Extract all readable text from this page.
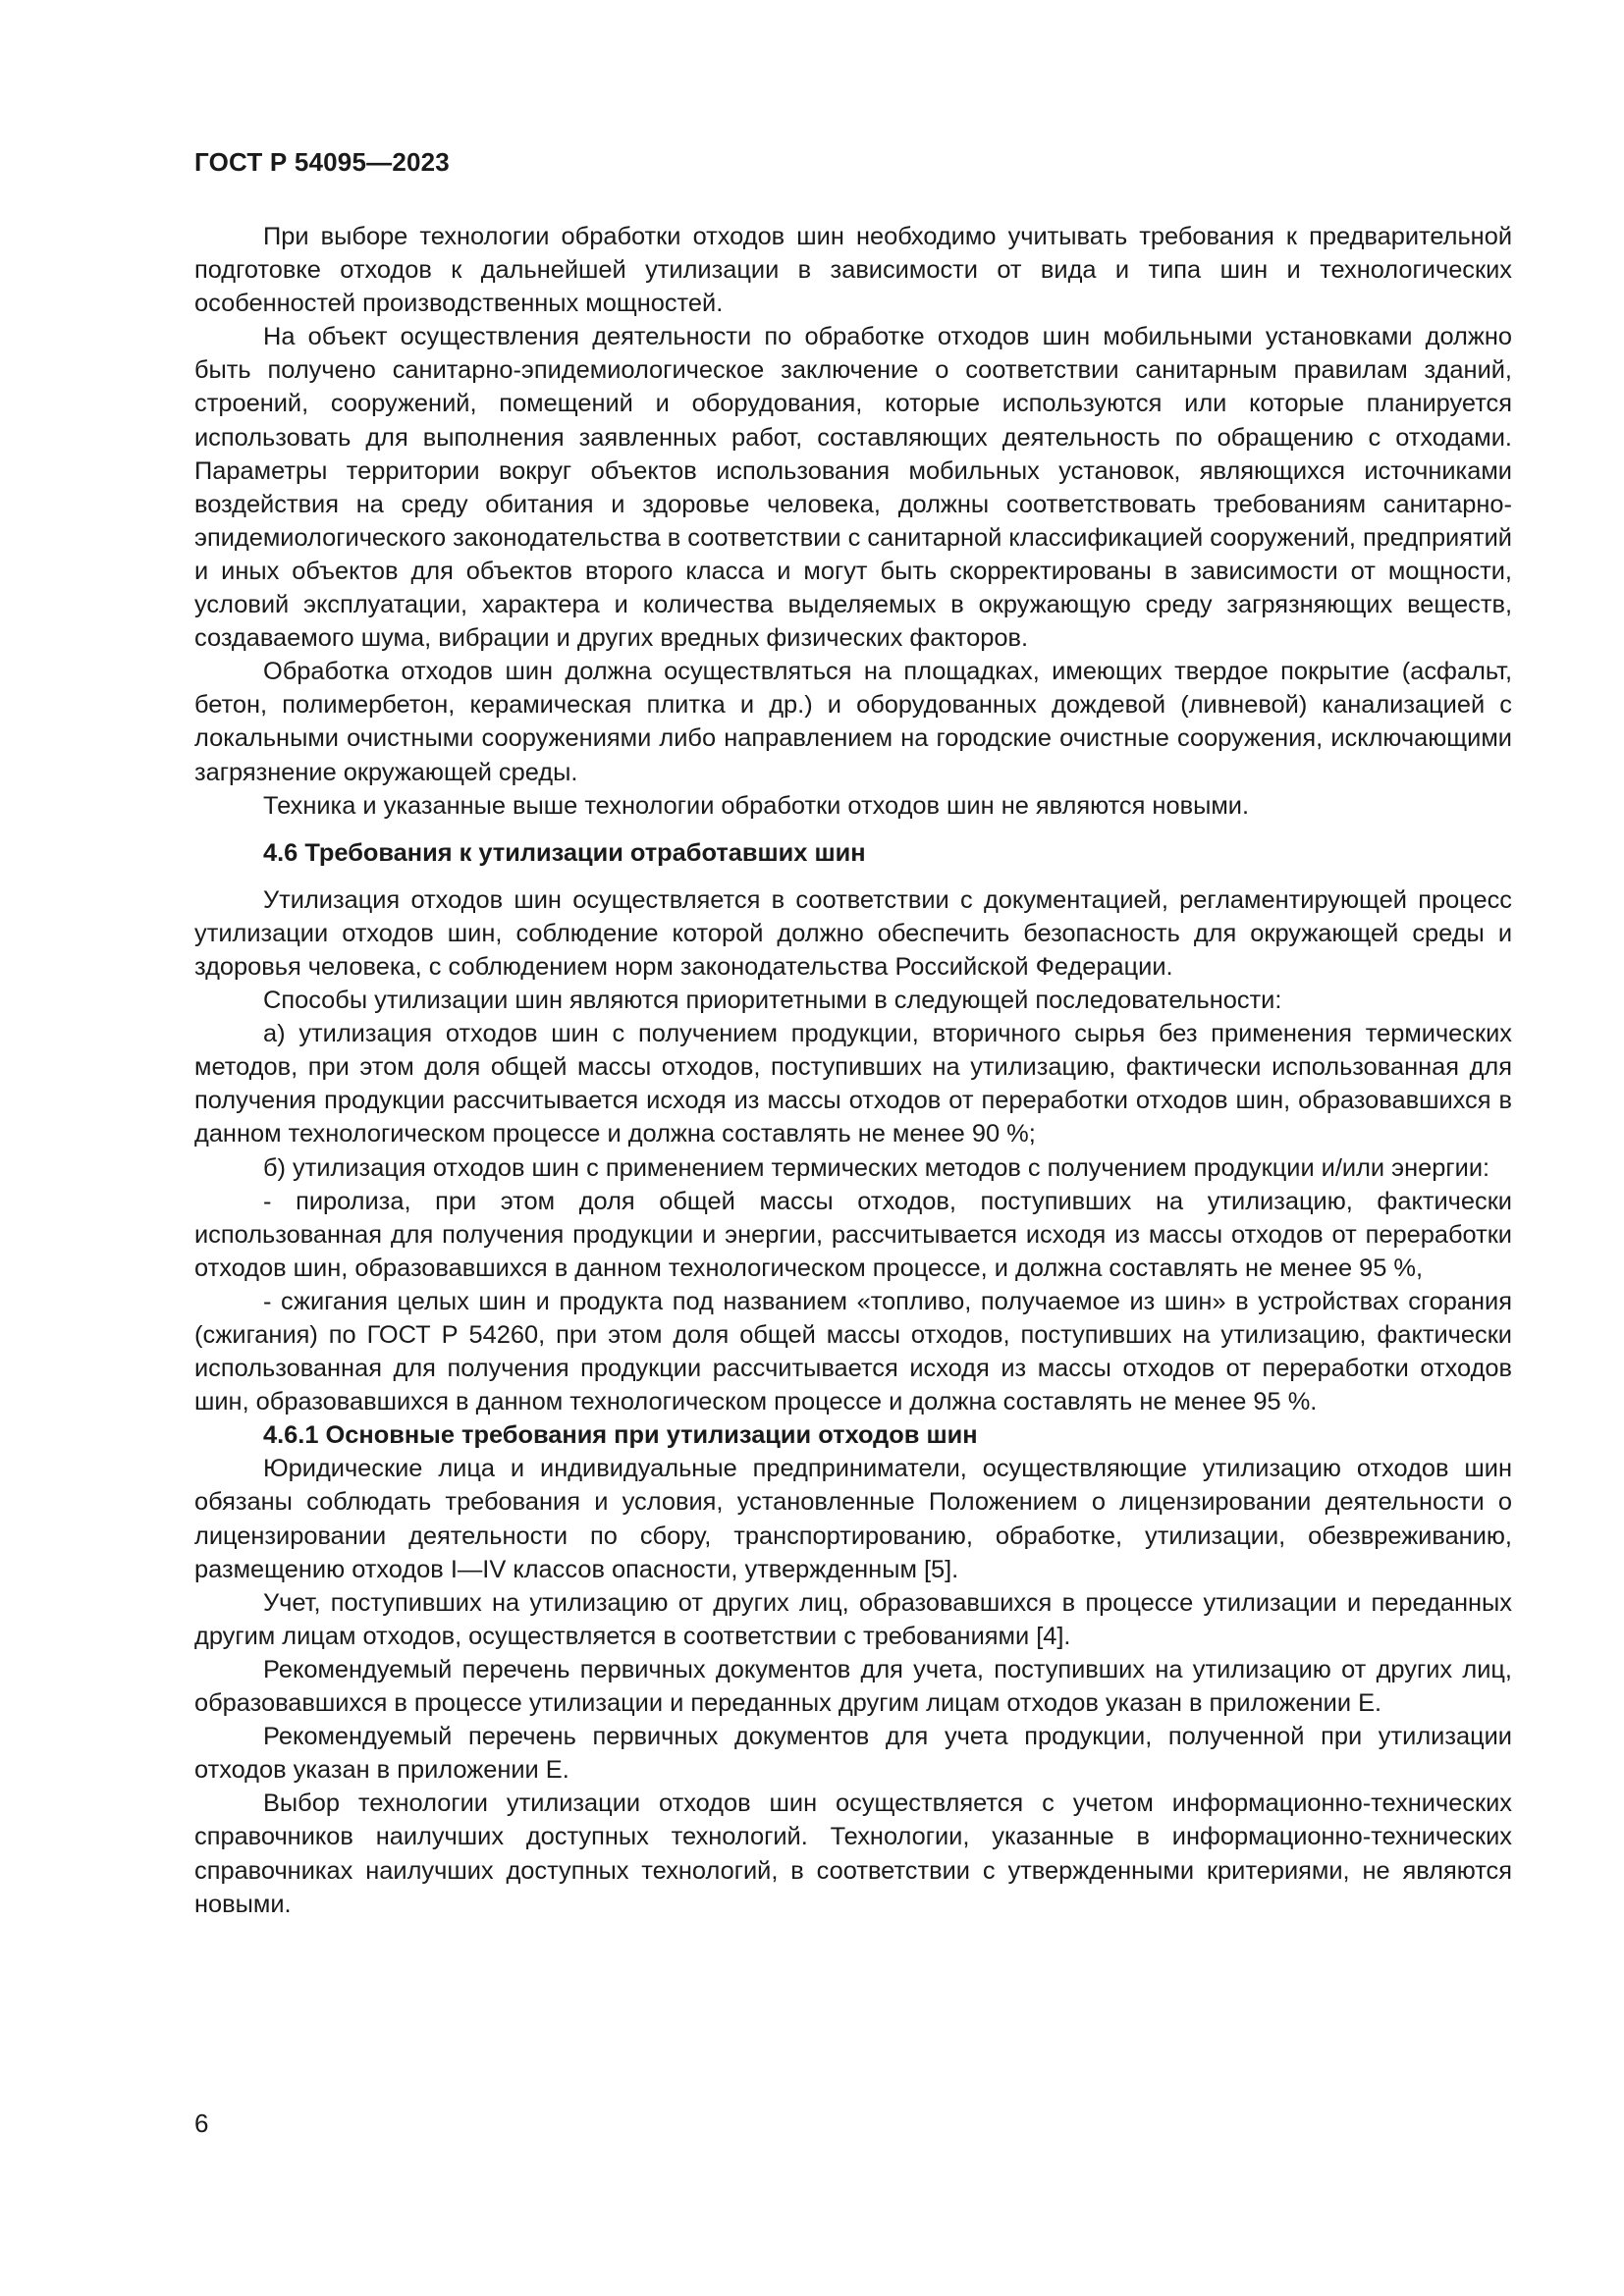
ГОСТ Р 54095—2023

При выборе технологии обработки отходов шин необходимо учитывать требования к предварительной подготовке отходов к дальнейшей утилизации в зависимости от вида и типа шин и технологических особенностей производственных мощностей.

На объект осуществления деятельности по обработке отходов шин мобильными установками должно быть получено санитарно-эпидемиологическое заключение о соответствии санитарным правилам зданий, строений, сооружений, помещений и оборудования, которые используются или которые планируется использовать для выполнения заявленных работ, составляющих деятельность по обращению с отходами. Параметры территории вокруг объектов использования мобильных установок, являющихся источниками воздействия на среду обитания и здоровье человека, должны соответствовать требованиям санитарно-эпидемиологического законодательства в соответствии с санитарной классификацией сооружений, предприятий и иных объектов для объектов второго класса и могут быть скорректированы в зависимости от мощности, условий эксплуатации, характера и количества выделяемых в окружающую среду загрязняющих веществ, создаваемого шума, вибрации и других вредных физических факторов.

Обработка отходов шин должна осуществляться на площадках, имеющих твердое покрытие (асфальт, бетон, полимербетон, керамическая плитка и др.) и оборудованных дождевой (ливневой) канализацией с локальными очистными сооружениями либо направлением на городские очистные сооружения, исключающими загрязнение окружающей среды.

Техника и указанные выше технологии обработки отходов шин не являются новыми.

4.6 Требования к утилизации отработавших шин

Утилизация отходов шин осуществляется в соответствии с документацией, регламентирующей процесс утилизации отходов шин, соблюдение которой должно обеспечить безопасность для окружающей среды и здоровья человека, с соблюдением норм законодательства Российской Федерации.

Способы утилизации шин являются приоритетными в следующей последовательности:

а) утилизация отходов шин с получением продукции, вторичного сырья без применения термических методов, при этом доля общей массы отходов, поступивших на утилизацию, фактически использованная для получения продукции рассчитывается исходя из массы отходов от переработки отходов шин, образовавшихся в данном технологическом процессе и должна составлять не менее 90 %;

б) утилизация отходов шин с применением термических методов с получением продукции и/или энергии:

- пиролиза, при этом доля общей массы отходов, поступивших на утилизацию, фактически использованная для получения продукции и энергии, рассчитывается исходя из массы отходов от переработки отходов шин, образовавшихся в данном технологическом процессе, и должна составлять не менее 95 %,

- сжигания целых шин и продукта под названием «топливо, получаемое из шин» в устройствах сгорания (сжигания) по ГОСТ Р 54260, при этом доля общей массы отходов, поступивших на утилизацию, фактически использованная для получения продукции рассчитывается исходя из массы отходов от переработки отходов шин, образовавшихся в данном технологическом процессе и должна составлять не менее 95 %.

4.6.1 Основные требования при утилизации отходов шин

Юридические лица и индивидуальные предприниматели, осуществляющие утилизацию отходов шин обязаны соблюдать требования и условия, установленные Положением о лицензировании деятельности о лицензировании деятельности по сбору, транспортированию, обработке, утилизации, обезвреживанию, размещению отходов I—IV классов опасности, утвержденным [5].

Учет, поступивших на утилизацию от других лиц, образовавшихся в процессе утилизации и переданных другим лицам отходов, осуществляется в соответствии с требованиями [4].

Рекомендуемый перечень первичных документов для учета, поступивших на утилизацию от других лиц, образовавшихся в процессе утилизации и переданных другим лицам отходов указан в приложении Е.

Рекомендуемый перечень первичных документов для учета продукции, полученной при утилизации отходов указан в приложении Е.

Выбор технологии утилизации отходов шин осуществляется с учетом информационно-технических справочников наилучших доступных технологий. Технологии, указанные в информационно-технических справочниках наилучших доступных технологий, в соответствии с утвержденными критериями, не являются новыми.

6
